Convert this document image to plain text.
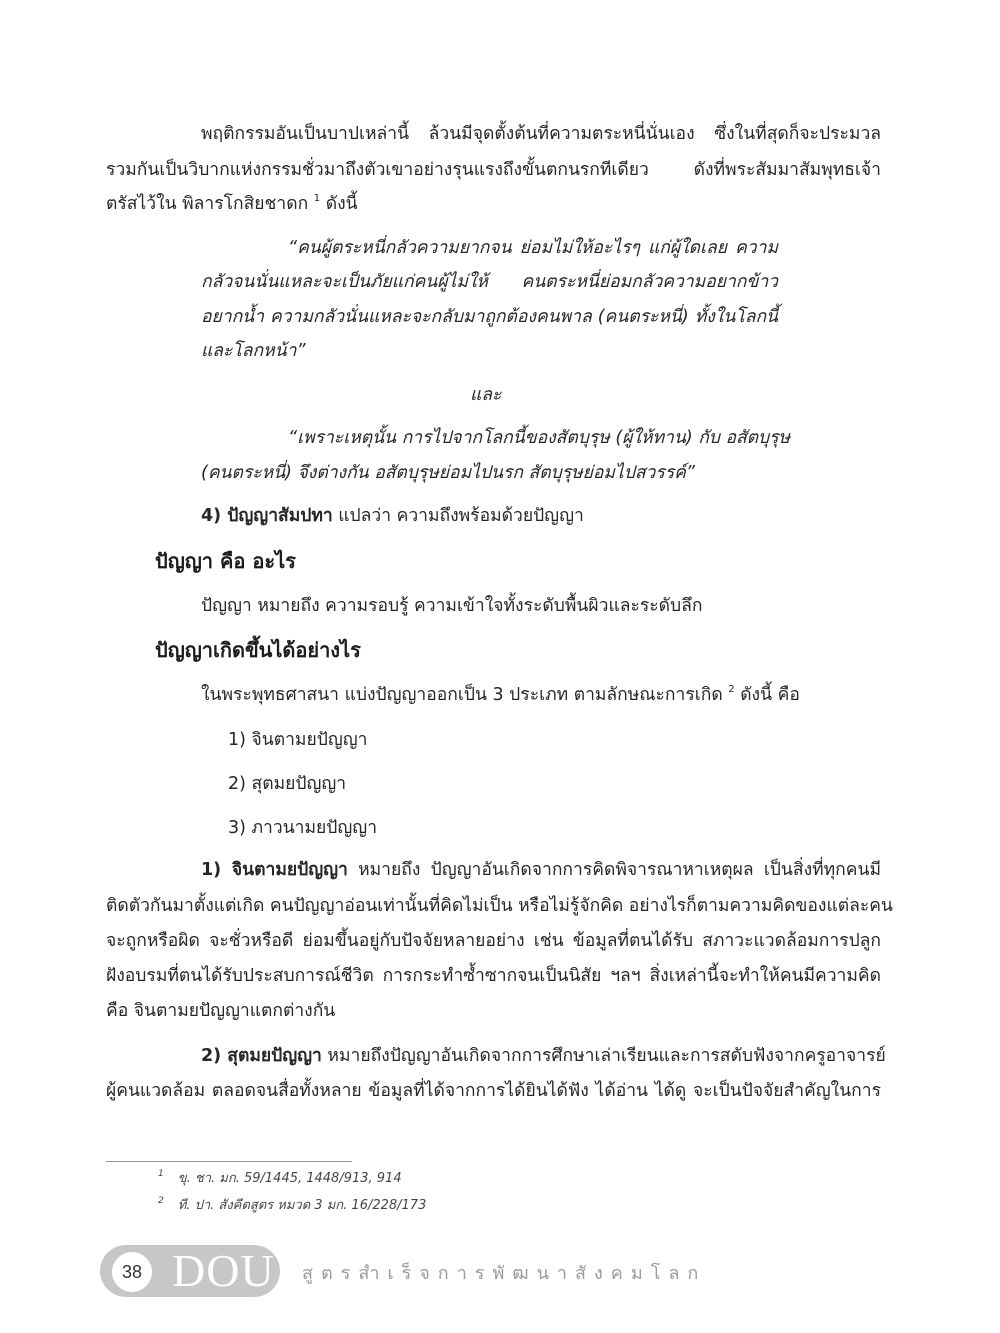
พฤติกรรมอันเป็นบาปเหล่านี้ ล้วนมีจุดตั้งต้นที่ความตระหนี่นั่นเอง ซึ่งในที่สุดก็จะประมวล
รวมกันเป็นวิบากแห่งกรรมชั่วมาถึงตัวเขาอย่างรุนแรงถึงขั้นตกนรกทีเดียว ดังที่พระสัมมาสัมพุทธเจ้า
ตรัสไว้ใน พิลารโกสิยชาดก $^1$ ดังนี้
“คนผู้ตระหนี่กลัวความยากจน ย่อมไม่ให้อะไรๆ แก่ผู้ใดเลย ความ
กลัวจนนั่นแหละจะเป็นภัยแก่คนผู้ไม่ให้ คนตระหนี่ย่อมกลัวความอยากข้าว
อยากน้ำ ความกลัวนั่นแหละจะกลับมาถูกต้องคนพาล (คนตระหนี่) ทั้งในโลกนี้
และโลกหน้า”
และ
“เพราะเหตุนั้น การไปจากโลกนี้ของสัตบุรุษ (ผู้ให้ทาน) กับ อสัตบุรุษ
(คนตระหนี่) จึงต่างกัน อสัตบุรุษย่อมไปนรก สัตบุรุษย่อมไปสวรรค์”
4) ปัญญาสัมปทา แปลว่า ความถึงพร้อมด้วยปัญญา
ปัญญา คือ อะไร
ปัญญา หมายถึง ความรอบรู้ ความเข้าใจทั้งระดับพื้นผิวและระดับลึก
ปัญญาเกิดขึ้นได้อย่างไร
ในพระพุทธศาสนา แบ่งปัญญาออกเป็น 3 ประเภท ตามลักษณะการเกิด $^2$ ดังนี้ คือ
1) จินตามยปัญญา
2) สุตมยปัญญา
3) ภาวนามยปัญญา
1) จินตามยปัญญา หมายถึง ปัญญาอันเกิดจากการคิดพิจารณาหาเหตุผล เป็นสิ่งที่ทุกคนมี
ติดตัวกันมาตั้งแต่เกิด คนปัญญาอ่อนเท่านั้นที่คิดไม่เป็น หรือไม่รู้จักคิด อย่างไรก็ตามความคิดของแต่ละคน
จะถูกหรือผิด จะชั่วหรือดี ย่อมขึ้นอยู่กับปัจจัยหลายอย่าง เช่น ข้อมูลที่ตนได้รับ สภาวะแวดล้อมการปลูก
ฝังอบรมที่ตนได้รับประสบการณ์ชีวิต การกระทำซ้ำซากจนเป็นนิสัย ฯลฯ สิ่งเหล่านี้จะทำให้คนมีความคิด
คือ จินตามยปัญญาแตกต่างกัน
2) สุตมยปัญญา หมายถึงปัญญาอันเกิดจากการศึกษาเล่าเรียนและการสดับฟังจากครูอาจารย์
ผู้คนแวดล้อม ตลอดจนสื่อทั้งหลาย ข้อมูลที่ได้จากการได้ยินได้ฟัง ได้อ่าน ได้ดู จะเป็นปัจจัยสำคัญในการ
$^1$ ขุ. ชา. มก. 59/1445, 1448/913, 914
$^2$ ที. ปา. สังคีตสูตร หมวด 3 มก. 16/228/173
38 DOU สูตรสำเร็จการพัฒนาสังคมโลก
